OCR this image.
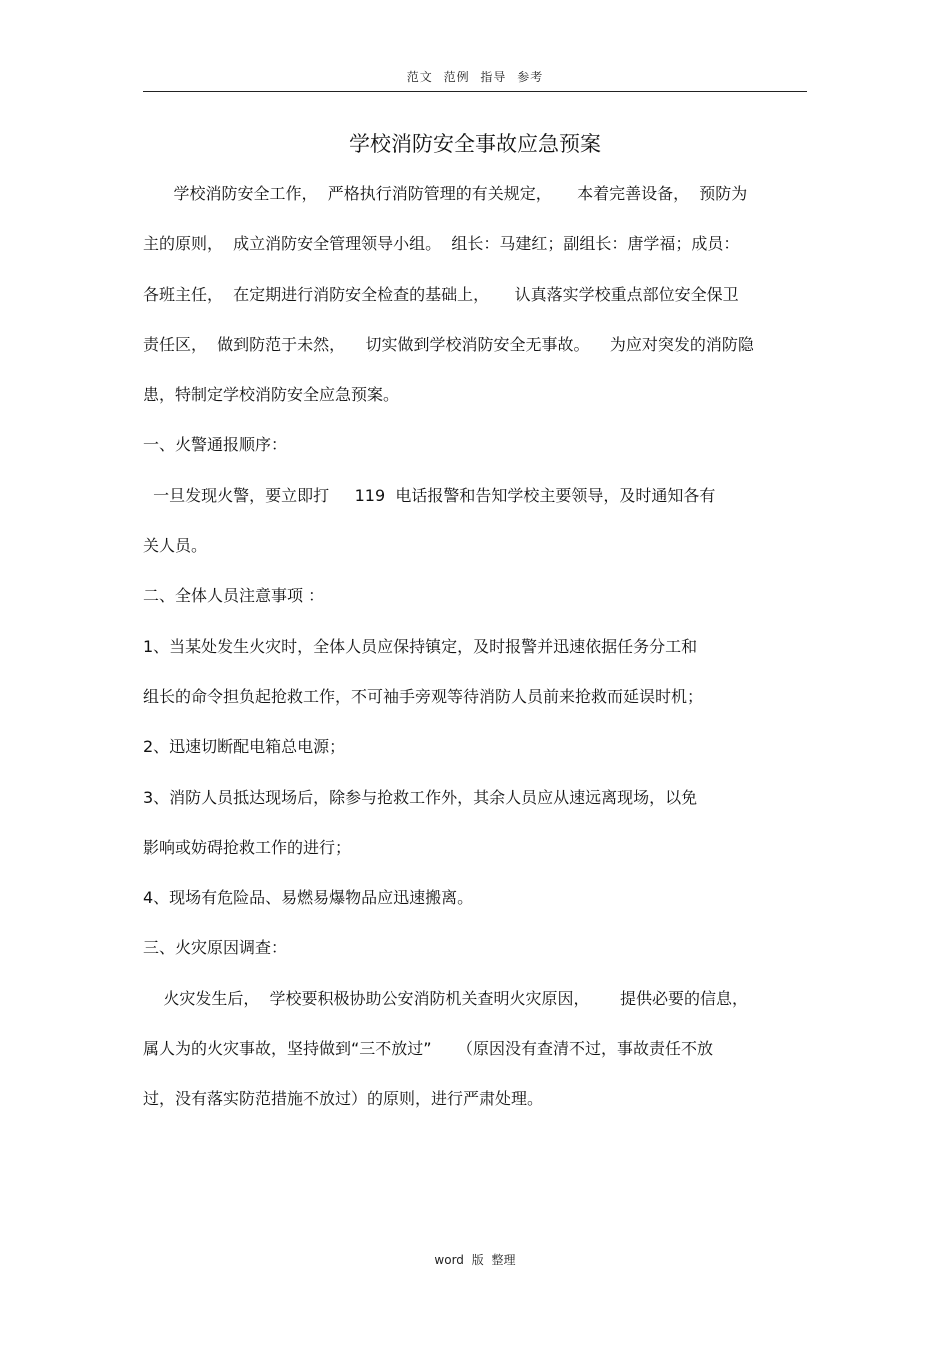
范文 范例 指导 参考
学校消防安全事故应急预案
学校消防安全工作，  严格执行消防管理的有关规定，     本着完善设备，  预防为
主的原则，  成立消防安全管理领导小组。  组长：马建红；副组长：唐学福；成员：
各班主任，  在定期进行消防安全检查的基础上，     认真落实学校重点部位安全保卫
责任区，  做到防范于未然，    切实做到学校消防安全无事故。    为应对突发的消防隐
患，特制定学校消防安全应急预案。
一、火警通报顺序：
一旦发现火警，要立即打     119  电话报警和告知学校主要领导，及时通知各有
关人员。
二、全体人员注意事项 ：
1、当某处发生火灾时，全体人员应保持镇定，及时报警并迅速依据任务分工和
组长的命令担负起抢救工作，不可袖手旁观等待消防人员前来抢救而延误时机；
2、迅速切断配电箱总电源；
3、消防人员抵达现场后，除参与抢救工作外，其余人员应从速远离现场，以免
影响或妨碍抢救工作的进行；
4、现场有危险品、易燃易爆物品应迅速搬离。
三、火灾原因调查：
火灾发生后，  学校要积极协助公安消防机关查明火灾原因，      提供必要的信息，
属人为的火灾事故，坚持做到“三不放过”     （原因没有查清不过，事故责任不放
过，没有落实防范措施不放过）的原则，进行严肃处理。
word 版 整理
